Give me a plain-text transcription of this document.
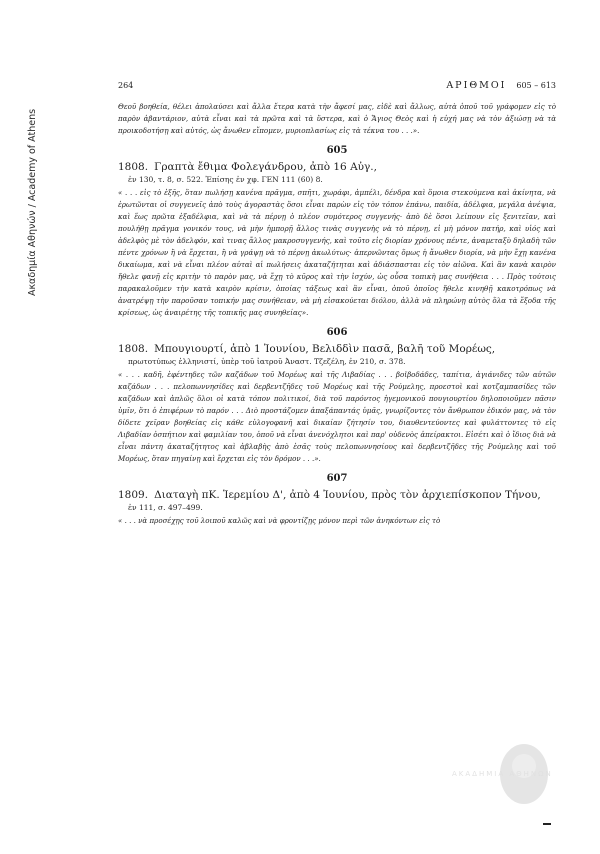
Ακαδημία Αθηνών / Academy of Athens
264	ΑΡΙΘΜΟΙ 605 – 613

Θεοῦ βοηθεία, θέλει ἀπολαύσει καὶ ἄλλα ἕτερα κατὰ τὴν ἄφεσί μας, εἰδὲ καὶ ἄλλως, αὐτὰ ὁποῦ τοῦ γράφομεν εἰς τὸ παρὸν ἀβαντάριον, αὐτὰ εἶναι καὶ τὰ πρῶτα καὶ τὰ ὕστερα, καὶ ὁ Ἅγιος Θεὸς καὶ ἡ εὐχή μας νὰ τὸν ἀξιώσῃ νὰ τὰ προικοδοτήσῃ καὶ αὐτός, ὡς ἄνωθεν εἴπομεν, μυριοπλασίως εἰς τὰ τέκνα του . . .».

605

1808. Γραπτὰ ἔθιμα Φολεγάνδρου, ἀπὸ 16 Αὐγ.,

ἐν 130, τ. 8, σ. 522. Ἐπίσης ἐν χφ. ΓΕΝ 111 (60) 8.

« . . . εἰς τὸ ἑξῆς, ὅταν πωλήσῃ κανένα πρᾶγμα, σπῆτι, χωράφι, ἀμπέλι, δένδρα καὶ ὅμοια στεκούμενα καὶ ἀκίνητα, νὰ ἐρωτῶνται οἱ συγγενεῖς ἀπὸ τοὺς ἀγοραστὰς ὅσοι εἶναι παρὼν εἰς τὸν τόπον ἐπάνω, παιδία, ἀδέλφια, μεγάλα ἀνέψια, καὶ ἕως πρῶτα ἐξαδέλφια, καὶ νὰ τὰ πέρνῃ ὁ πλέον συμότερος συγγενής· ἀπὸ δὲ ὅσοι λείπουν εἰς ξενιτεῖαν, καὶ πουλήθῃ πρᾶγμα γονικόν τους, νὰ μὴν ἠμπορῇ ἄλλος τινὰς συγγενὴς νὰ τὸ πέρνῃ, εἰ μὴ μόνον πατήρ, καὶ υἱός καὶ ἀδελφὸς μὲ τὸν ἀδελφόν, καὶ τινας ἄλλος μακροσυγγενής, καὶ τοῦτο εἰς διορίαν χρόνους πέντε, ἀναμεταξὺ δηλαδὴ τῶν πέντε χρόνων ἢ νὰ ἔρχεται, ἢ νὰ γράψῃ νὰ τὸ πέρνῃ ἀκωλύτως· ἀπερνῶντας ὅμως ἡ ἄνωθεν διορία, νὰ μὴν ἔχῃ κανένα δικαίωμα, καὶ νὰ εἶναι πλέον αὐταὶ αἱ πωλήσεις ἀκαταζήτηται καὶ ἀδιάσπασται εἰς τὸν αἰῶνα. Καὶ ἂν κανὰ καιρὸν ἤθελε φανῇ εἰς κριτὴν τὸ παρὸν μας, νὰ ἔχῃ τὸ κῦρος καὶ τὴν ἰσχύν, ὡς οὖσα τοπικὴ μας συνήθεια . . . Πρὸς τούτοις παρακαλοῦμεν τὴν κατὰ καιρὸν κρίσιν, ὁποίας τάξεως καὶ ἂν εἶναι, ὁποῦ ὁποῖος ἤθελε κινηθῇ κακοτρόπως νὰ ἀνατρέψῃ τὴν παροῦσαν τοπικήν μας συνήθειαν, νὰ μὴ εἰσακούεται διόλου, ἀλλὰ νὰ πληρώνῃ αὐτὸς ὅλα τὰ ἔξοδα τῆς κρίσεως, ὡς ἀναιρέτης τῆς τοπικῆς μας συνηθείας».

606

1808. Μπουγιουρτί, ἀπὸ 1 Ἰουνίου, Βελιδδὶν πασᾶ, βαλῆ τοῦ Μορέως,

πρωτοτύπως ἑλληνιστί, ὑπὲρ τοῦ ἰατροῦ Ἀναστ. Τζεζέλη, ἐν 210, σ. 378.

« . . . καδῆ, ἐφέντηδες τῶν καζάδων τοῦ Μορέως καὶ τῆς Λιβαδίας . . . βοϊβοδάδες, ταπίτια, ἀγιάνιδες τῶν αὐτῶν καζάδων . . . πελοπωννησίδες καὶ δερβεντζῆδες τοῦ Μορέως καὶ τῆς Ρούμελης, προεστοὶ καὶ κοτζαμπασίδες τῶν καζάδων καὶ ἁπλῶς ὅλοι οἱ κατὰ τόπον πολιτικοί, διὰ τοῦ παρόντος ἡγεμονικοῦ πουγιουρτίου δηλοποιοῦμεν πᾶσιν ὑμῖν, ὅτι ὁ ἐπιφέρων τὸ παρόν . . . Διὸ προστάζομεν ἀπαξάπαντάς ὑμᾶς, γνωρίζοντες τὸν ἄνθρωπον ἐδικόν μας, νὰ τὸν δίδετε χεῖραν βοηθείας εἰς κάθε εὐλογοφανῆ καὶ δικαίαν ζήτησίν του, διαυθεντεύοντες καὶ φυλάττοντες τὸ εἰς Λιβαδίαν ὀσπήτιον καὶ φαμιλίαν του, ὁποῦ νὰ εἶναι ἀνενόχλητοι καὶ παρ' οὐδενὸς ἀπείρακτοι. Εἰσέτι καὶ ὁ ἴδιος διὰ νὰ εἶναι πάντη ἀκαταζήτητος καὶ ἀβλαβὴς ἀπὸ ἐσᾶς τοὺς πελοπωννησίους καὶ δερβεντζῆδες τῆς Ρούμελης καὶ τοῦ Μορέως, ὅταν πηγαίνῃ καὶ ἔρχεται εἰς τὸν δρόμον . . .».

607

1809. Διαταγὴ πΚ. Ἱερεμίου Δ', ἀπὸ 4 Ἰουνίου, πρὸς τὸν ἀρχιεπίσκοπον Τήνου,

ἐν 111, σ. 497–499.

« . . . νὰ προσέχῃς τοῦ λοιποῦ καλῶς καὶ νὰ φροντίζῃς μόνον περὶ τῶν ἀνηκόντων εἰς τὸ

ΑΚΑΔΗΜΙΑ ΑΘΗΝΩΝ
